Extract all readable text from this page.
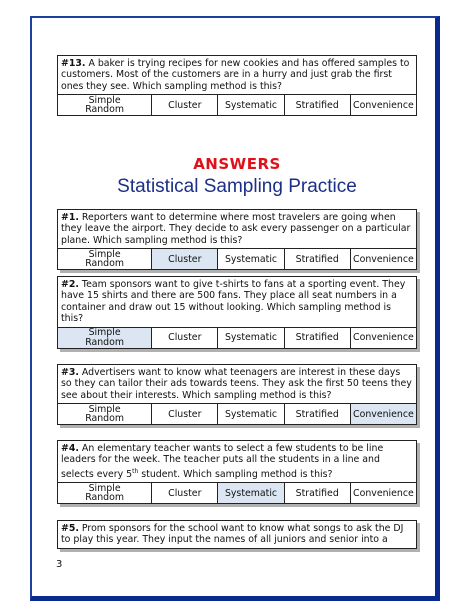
#13. A baker is trying recipes for new cookies and has offered samples to customers. Most of the customers are in a hurry and just grab the first ones they see. Which sampling method is this?
Simple Random	Cluster	Systematic	Stratified	Convenience
ANSWERS
Statistical Sampling Practice
#1. Reporters want to determine where most travelers are going when they leave the airport. They decide to ask every passenger on a particular plane. Which sampling method is this?
Simple Random	Cluster	Systematic	Stratified	Convenience
#2. Team sponsors want to give t-shirts to fans at a sporting event. They have 15 shirts and there are 500 fans. They place all seat numbers in a container and draw out 15 without looking. Which sampling method is this?
Simple Random	Cluster	Systematic	Stratified	Convenience
#3. Advertisers want to know what teenagers are interest in these days so they can tailor their ads towards teens. They ask the first 50 teens they see about their interests. Which sampling method is this?
Simple Random	Cluster	Systematic	Stratified	Convenience
#4. An elementary teacher wants to select a few students to be line leaders for the week. The teacher puts all the students in a line and selects every 5th student. Which sampling method is this?
Simple Random	Cluster	Systematic	Stratified	Convenience
#5. Prom sponsors for the school want to know what songs to ask the DJ to play this year. They input the names of all juniors and senior into a
3
